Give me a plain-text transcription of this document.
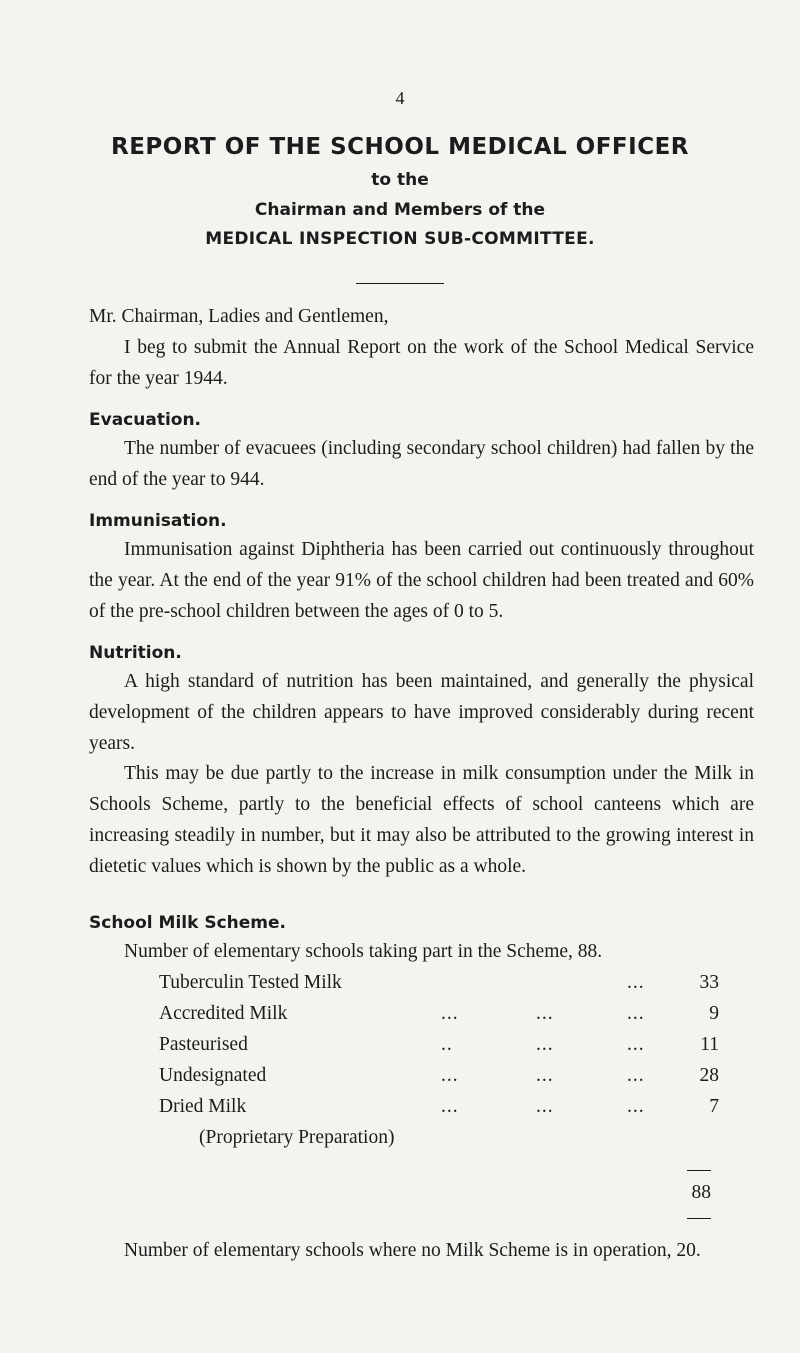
4
REPORT OF THE SCHOOL MEDICAL OFFICER
to the
Chairman and Members of the
MEDICAL INSPECTION SUB-COMMITTEE.
Mr. Chairman, Ladies and Gentlemen,

I beg to submit the Annual Report on the work of the School Medical Service for the year 1944.

Evacuation.

The number of evacuees (including secondary school children) had fallen by the end of the year to 944.

Immunisation.

Immunisation against Diphtheria has been carried out continuously throughout the year. At the end of the year 91% of the school children had been treated and 60% of the pre-school children between the ages of 0 to 5.

Nutrition.

A high standard of nutrition has been maintained, and generally the physical development of the children appears to have improved considerably during recent years.

This may be due partly to the increase in milk consumption under the Milk in Schools Scheme, partly to the beneficial effects of school canteens which are increasing steadily in number, but it may also be attributed to the growing interest in dietetic values which is shown by the public as a whole.

School Milk Scheme.
Number of elementary schools taking part in the Scheme, 88.
Tuberculin Tested Milk	...	33
Accredited Milk	...	...	...	9
Pasteurised	..	...	...	11
Undesignated	...	...	...	28
Dried Milk	...	...	...	7
(Proprietary Preparation)
88

Number of elementary schools where no Milk Scheme is in operation, 20.
